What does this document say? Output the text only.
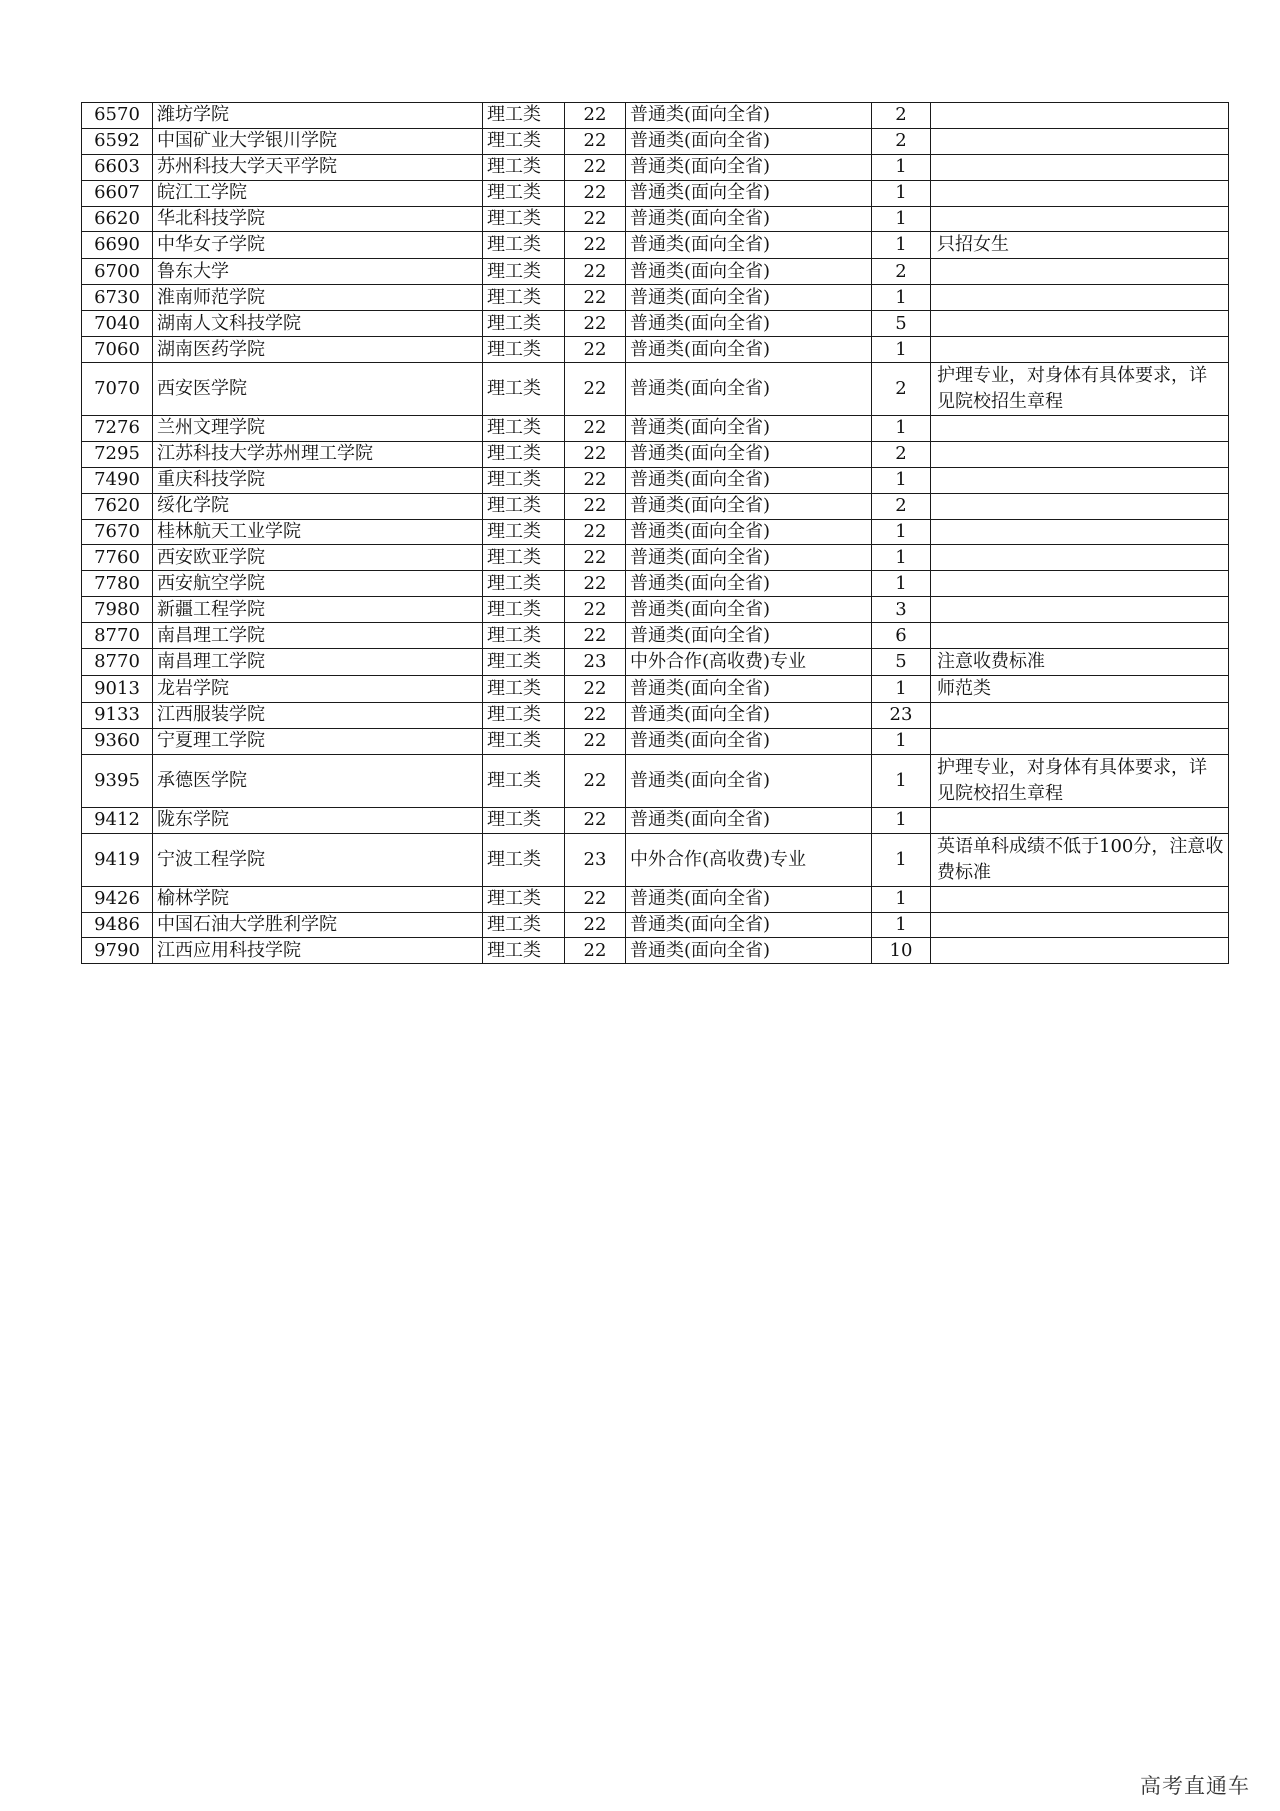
6570	潍坊学院	理工类	22	普通类(面向全省)	2	
6592	中国矿业大学银川学院	理工类	22	普通类(面向全省)	2	
6603	苏州科技大学天平学院	理工类	22	普通类(面向全省)	1	
6607	皖江工学院	理工类	22	普通类(面向全省)	1	
6620	华北科技学院	理工类	22	普通类(面向全省)	1	
6690	中华女子学院	理工类	22	普通类(面向全省)	1	只招女生
6700	鲁东大学	理工类	22	普通类(面向全省)	2	
6730	淮南师范学院	理工类	22	普通类(面向全省)	1	
7040	湖南人文科技学院	理工类	22	普通类(面向全省)	5	
7060	湖南医药学院	理工类	22	普通类(面向全省)	1	
7070	西安医学院	理工类	22	普通类(面向全省)	2	护理专业，对身体有具体要求，详见院校招生章程
7276	兰州文理学院	理工类	22	普通类(面向全省)	1	
7295	江苏科技大学苏州理工学院	理工类	22	普通类(面向全省)	2	
7490	重庆科技学院	理工类	22	普通类(面向全省)	1	
7620	绥化学院	理工类	22	普通类(面向全省)	2	
7670	桂林航天工业学院	理工类	22	普通类(面向全省)	1	
7760	西安欧亚学院	理工类	22	普通类(面向全省)	1	
7780	西安航空学院	理工类	22	普通类(面向全省)	1	
7980	新疆工程学院	理工类	22	普通类(面向全省)	3	
8770	南昌理工学院	理工类	22	普通类(面向全省)	6	
8770	南昌理工学院	理工类	23	中外合作(高收费)专业	5	注意收费标准
9013	龙岩学院	理工类	22	普通类(面向全省)	1	师范类
9133	江西服装学院	理工类	22	普通类(面向全省)	23	
9360	宁夏理工学院	理工类	22	普通类(面向全省)	1	
9395	承德医学院	理工类	22	普通类(面向全省)	1	护理专业，对身体有具体要求，详见院校招生章程
9412	陇东学院	理工类	22	普通类(面向全省)	1	
9419	宁波工程学院	理工类	23	中外合作(高收费)专业	1	英语单科成绩不低于100分，注意收费标准
9426	榆林学院	理工类	22	普通类(面向全省)	1	
9486	中国石油大学胜利学院	理工类	22	普通类(面向全省)	1	
9790	江西应用科技学院	理工类	22	普通类(面向全省)	10	
高考直通车
